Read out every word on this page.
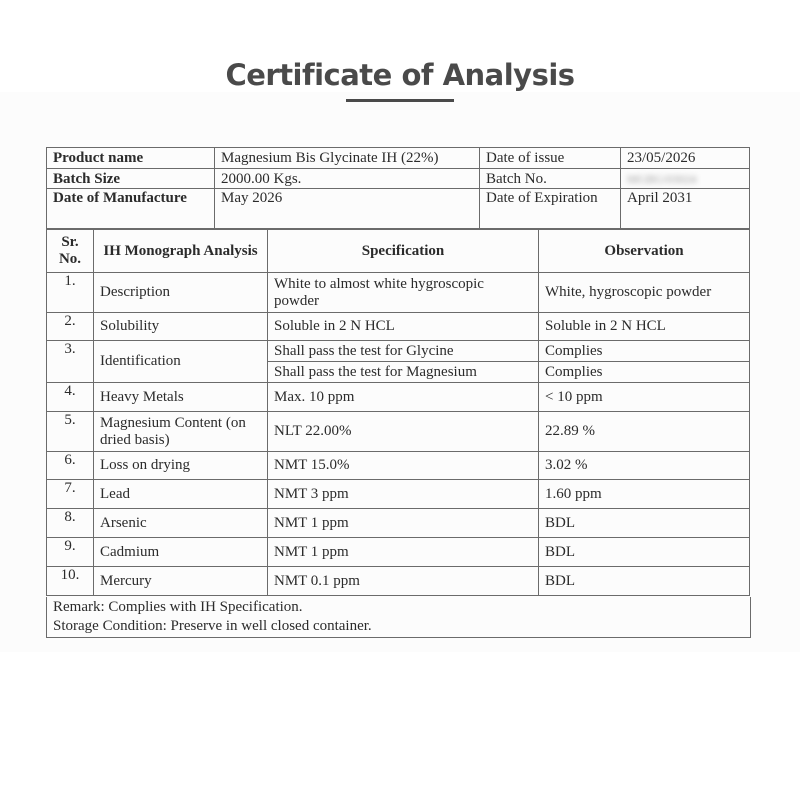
Certificate of Analysis
Product name	Magnesium Bis Glycinate IH (22%)	Date of issue	23/05/2026
Batch Size	2000.00 Kgs.	Batch No.	MGBG/03024
Date of Manufacture	May 2026	Date of Expiration	April 2031
Sr. No.	IH Monograph Analysis	Specification	Observation
1.	Description	White to almost white hygroscopic powder	White, hygroscopic powder
2.	Solubility	Soluble in 2 N HCL	Soluble in 2 N HCL
3.	Identification	Shall pass the test for Glycine	Complies
		Shall pass the test for Magnesium	Complies
4.	Heavy Metals	Max. 10 ppm	< 10 ppm
5.	Magnesium Content (on dried basis)	NLT 22.00%	22.89 %
6.	Loss on drying	NMT 15.0%	3.02 %
7.	Lead	NMT 3 ppm	1.60 ppm
8.	Arsenic	NMT 1 ppm	BDL
9.	Cadmium	NMT 1 ppm	BDL
10.	Mercury	NMT 0.1 ppm	BDL
Remark: Complies with IH Specification.
Storage Condition: Preserve in well closed container.
